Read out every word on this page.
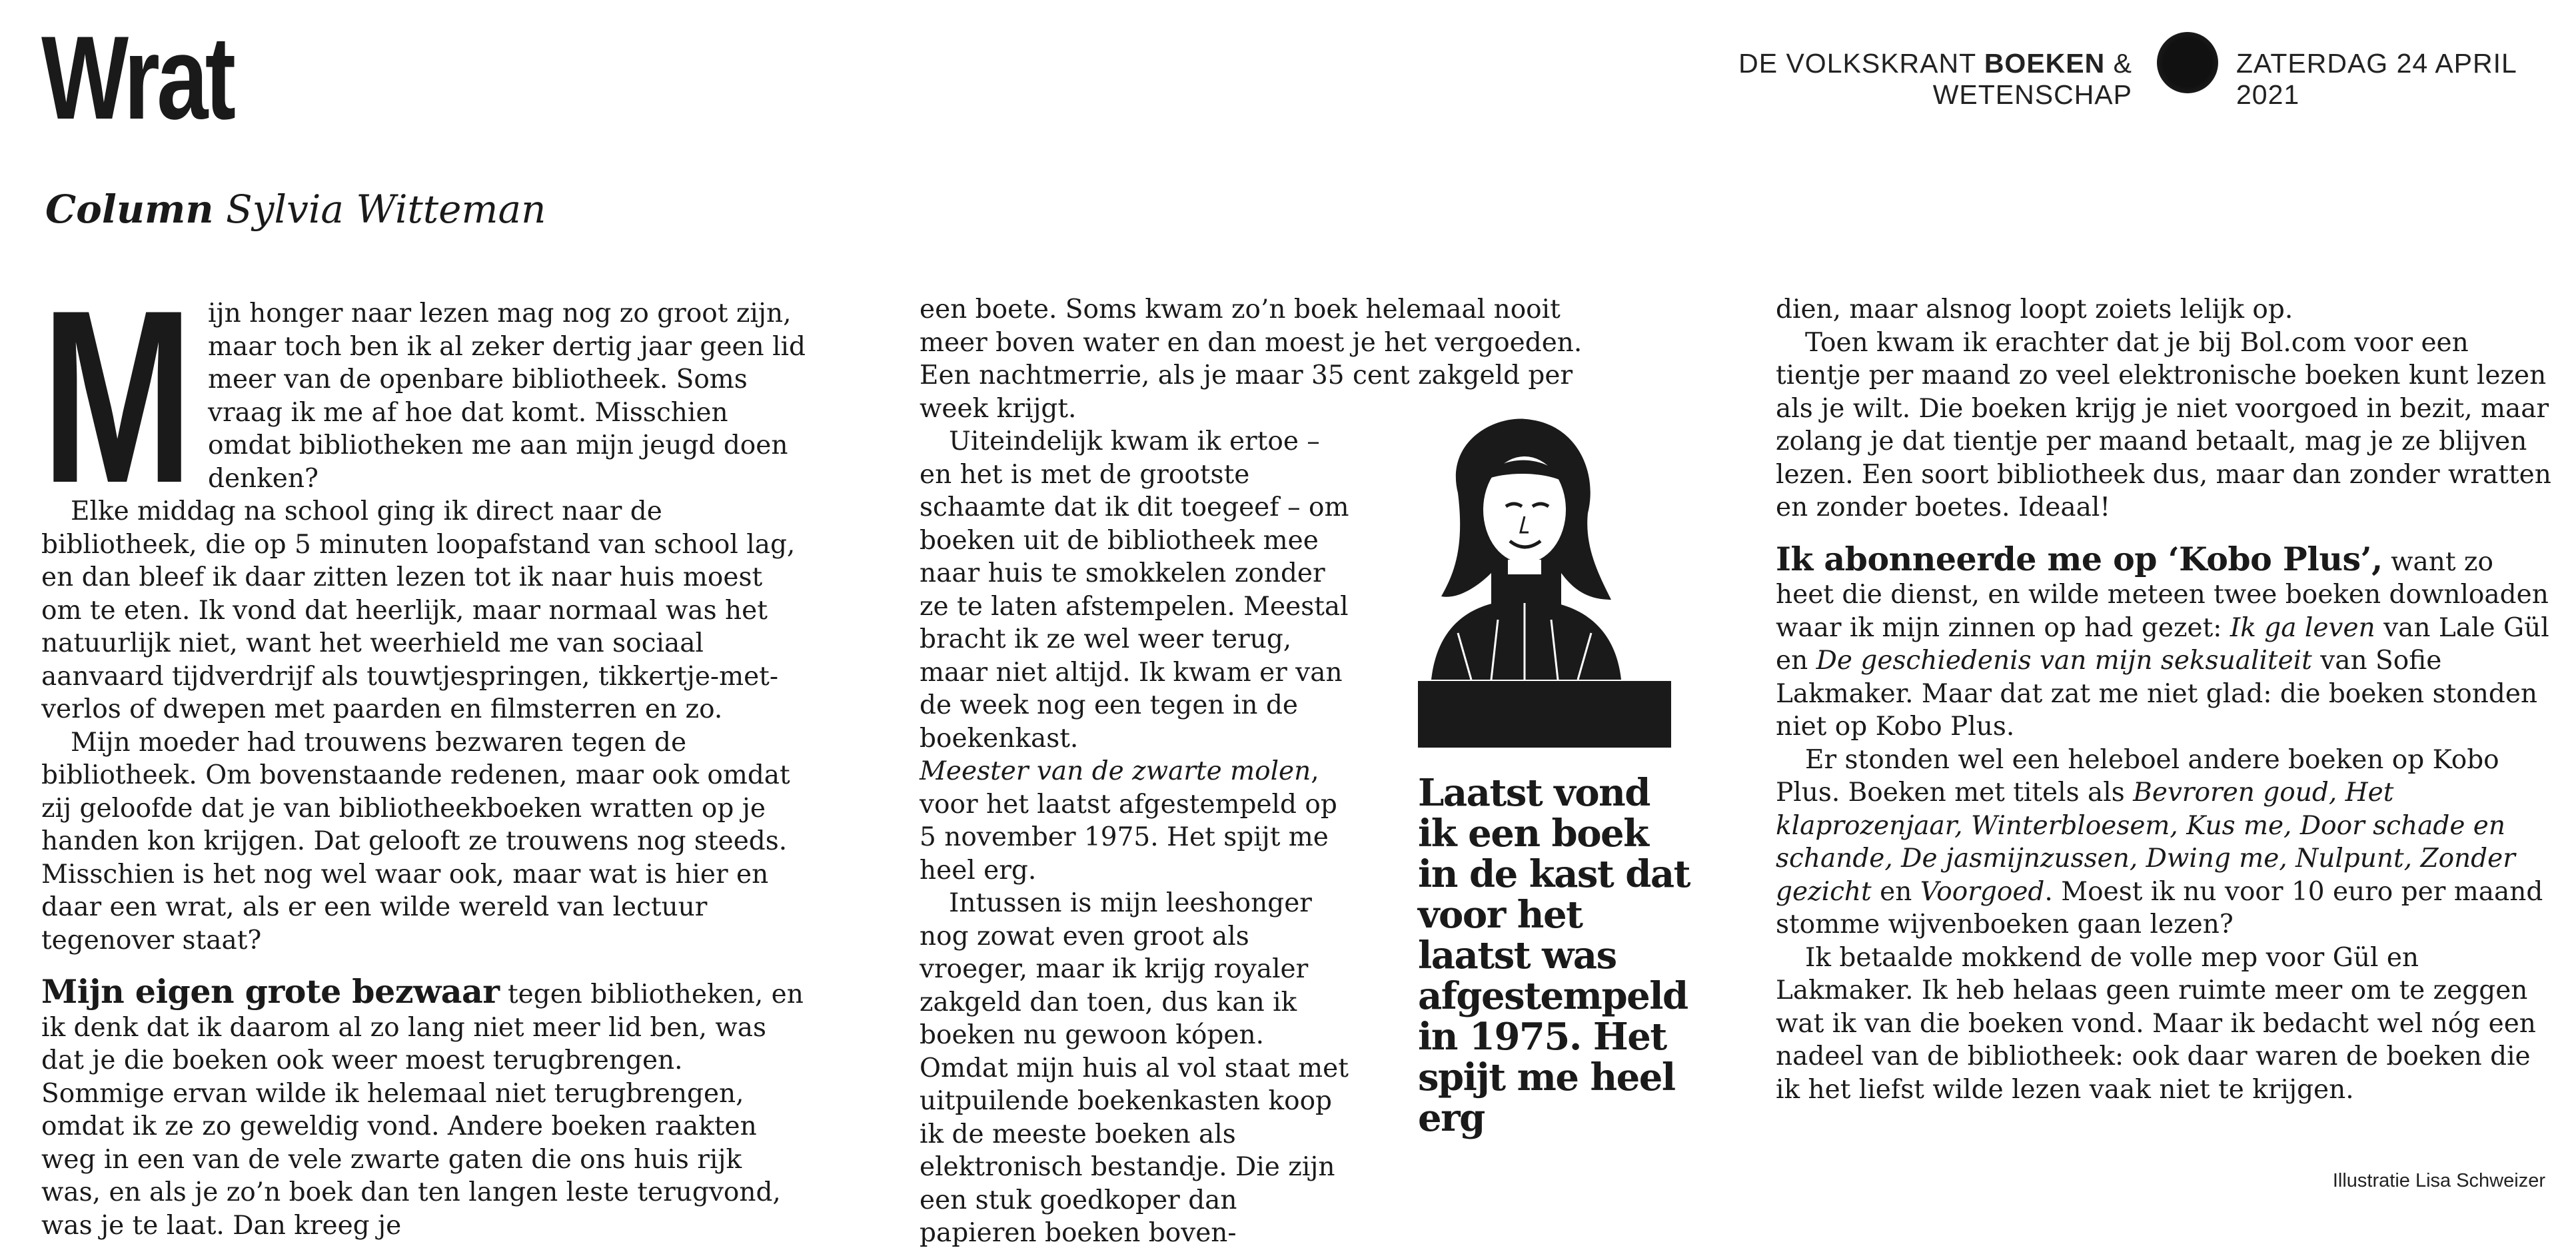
Wrat	DE VOLKSKRANT BOEKEN & WETENSCHAP
ZATERDAG 24 APRIL 2021
Column Sylvia Witteman
M ijn honger naar lezen mag nog zo groot zijn, maar toch ben ik al zeker dertig jaar geen lid meer van de openbare bibliotheek. Soms vraag ik me af hoe dat komt. Misschien omdat bibliotheken me aan mijn jeugd doen denken?

Elke middag na school ging ik direct naar de bibliotheek, die op 5 minuten loopafstand van school lag, en dan bleef ik daar zitten lezen tot ik naar huis moest om te eten. Ik vond dat heerlijk, maar normaal was het natuurlijk niet, want het weerhield me van sociaal aanvaard tijdverdrijf als touwtjespringen, tikkertje-met-verlos of dwepen met paarden en filmsterren en zo.

Mijn moeder had trouwens bezwaren tegen de bibliotheek. Om bovenstaande redenen, maar ook omdat zij geloofde dat je van bibliotheekboeken wratten op je handen kon krijgen. Dat gelooft ze trouwens nog steeds. Misschien is het nog wel waar ook, maar wat is hier en daar een wrat, als er een wilde wereld van lectuur tegenover staat?

Mijn eigen grote bezwaar tegen bibliotheken, en ik denk dat ik daarom al zo lang niet meer lid ben, was dat je die boeken ook weer moest terugbrengen. Sommige ervan wilde ik helemaal niet terugbrengen, omdat ik ze zo geweldig vond. Andere boeken raakten weg in een van de vele zwarte gaten die ons huis rijk was, en als je zo’n boek dan ten langen leste terugvond, was je te laat. Dan kreeg je

een boete. Soms kwam zo’n boek helemaal nooit meer boven water en dan moest je het vergoeden. Een nachtmerrie, als je maar 35 cent zakgeld per week krijgt.

Uiteindelijk kwam ik ertoe – en het is met de grootste schaamte dat ik dit toegeef – om boeken uit de bibliotheek mee naar huis te smokkelen zonder ze te laten afstempelen. Meestal bracht ik ze wel weer terug, maar niet altijd. Ik kwam er van de week nog een tegen in de boekenkast.

Meester van de zwarte molen, voor het laatst afgestempeld op 5 november 1975. Het spijt me heel erg.

Intussen is mijn leeshonger nog zowat even groot als vroeger, maar ik krijg royaler zakgeld dan toen, dus kan ik boeken nu gewoon kópen. Omdat mijn huis al vol staat met uitpuilende boekenkasten koop ik de meeste boeken als elektronisch bestandje. Die zijn een stuk goedkoper dan papieren boeken boven-

Laatst vond ik een boek in de kast dat voor het laatst was afgestempeld in 1975. Het spijt me heel erg

dien, maar alsnog loopt zoiets lelijk op.

Toen kwam ik erachter dat je bij Bol.com voor een tientje per maand zo veel elektronische boeken kunt lezen als je wilt. Die boeken krijg je niet voorgoed in bezit, maar zolang je dat tientje per maand betaalt, mag je ze blijven lezen. Een soort bibliotheek dus, maar dan zonder wratten en zonder boetes. Ideaal!

Ik abonneerde me op ‘Kobo Plus’, want zo heet die dienst, en wilde meteen twee boeken downloaden waar ik mijn zinnen op had gezet: Ik ga leven van Lale Gül en De geschiedenis van mijn seksualiteit van Sofie Lakmaker. Maar dat zat me niet glad: die boeken stonden niet op Kobo Plus.

Er stonden wel een heleboel andere boeken op Kobo Plus. Boeken met titels als Bevroren goud, Het klaprozenjaar, Winterbloesem, Kus me, Door schade en schande, De jasmijnzussen, Dwing me, Nulpunt, Zonder gezicht en Voorgoed. Moest ik nu voor 10 euro per maand stomme wijvenboeken gaan lezen?

Ik betaalde mokkend de volle mep voor Gül en Lakmaker. Ik heb helaas geen ruimte meer om te zeggen wat ik van die boeken vond. Maar ik bedacht wel nóg een nadeel van de bibliotheek: ook daar waren de boeken die ik het liefst wilde lezen vaak niet te krijgen.

Illustratie Lisa Schweizer
